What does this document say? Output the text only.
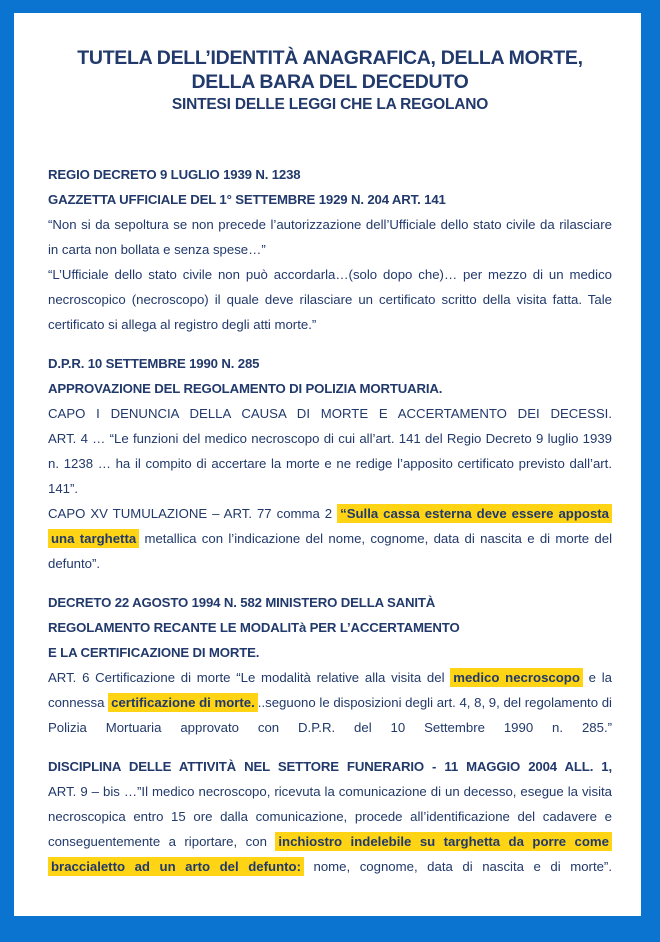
TUTELA DELL’IDENTITÀ ANAGRAFICA, DELLA MORTE,
DELLA BARA DEL DECEDUTO
SINTESI DELLE LEGGI CHE LA REGOLANO

REGIO DECRETO 9 LUGLIO 1939 N. 1238

GAZZETTA UFFICIALE DEL 1° SETTEMBRE 1929 N. 204 ART. 141

“Non si da sepoltura se non precede l’autorizzazione dell’Ufficiale dello stato civile da rilasciare in carta non bollata e senza spese…”

“L’Ufficiale dello stato civile non può accordarla…(solo dopo che)… per mezzo di un medico necroscopico (necroscopo) il quale deve rilasciare un certificato scritto della visita fatta. Tale certificato si allega al registro degli atti morte.”

D.P.R. 10 SETTEMBRE 1990 N. 285

APPROVAZIONE DEL REGOLAMENTO DI POLIZIA MORTUARIA.

CAPO I DENUNCIA DELLA CAUSA DI MORTE E ACCERTAMENTO DEI DECESSI.

ART. 4 … “Le funzioni del medico necroscopo di cui all’art. 141 del Regio Decreto 9 luglio 1939 n. 1238 … ha il compito di accertare la morte e ne redige l’apposito certificato previsto dall’art. 141”.

CAPO XV TUMULAZIONE – ART. 77 comma 2 “Sulla cassa esterna deve essere apposta una targhetta metallica con l’indicazione del nome, cognome, data di nascita e di morte del defunto”.

DECRETO 22 AGOSTO 1994 N. 582 MINISTERO DELLA SANITÀ

REGOLAMENTO RECANTE LE MODALITà PER L’ACCERTAMENTO

E LA CERTIFICAZIONE DI MORTE.

ART. 6 Certificazione di morte “Le modalità relative alla visita del medico necroscopo e la connessa certificazione di morte. ..seguono le disposizioni degli art. 4, 8, 9, del regolamento di Polizia Mortuaria approvato con D.P.R. del 10 Settembre 1990 n. 285.”

DISCIPLINA DELLE ATTIVITÀ NEL SETTORE FUNERARIO - 11 MAGGIO 2004 ALL. 1,

ART. 9 – bis …”Il medico necroscopo, ricevuta la comunicazione di un decesso, esegue la visita necroscopica entro 15 ore dalla comunicazione, procede all’identificazione del cadavere e conseguentemente a riportare, con inchiostro indelebile su targhetta da porre come braccialetto ad un arto del defunto: nome, cognome, data di nascita e di morte”.
